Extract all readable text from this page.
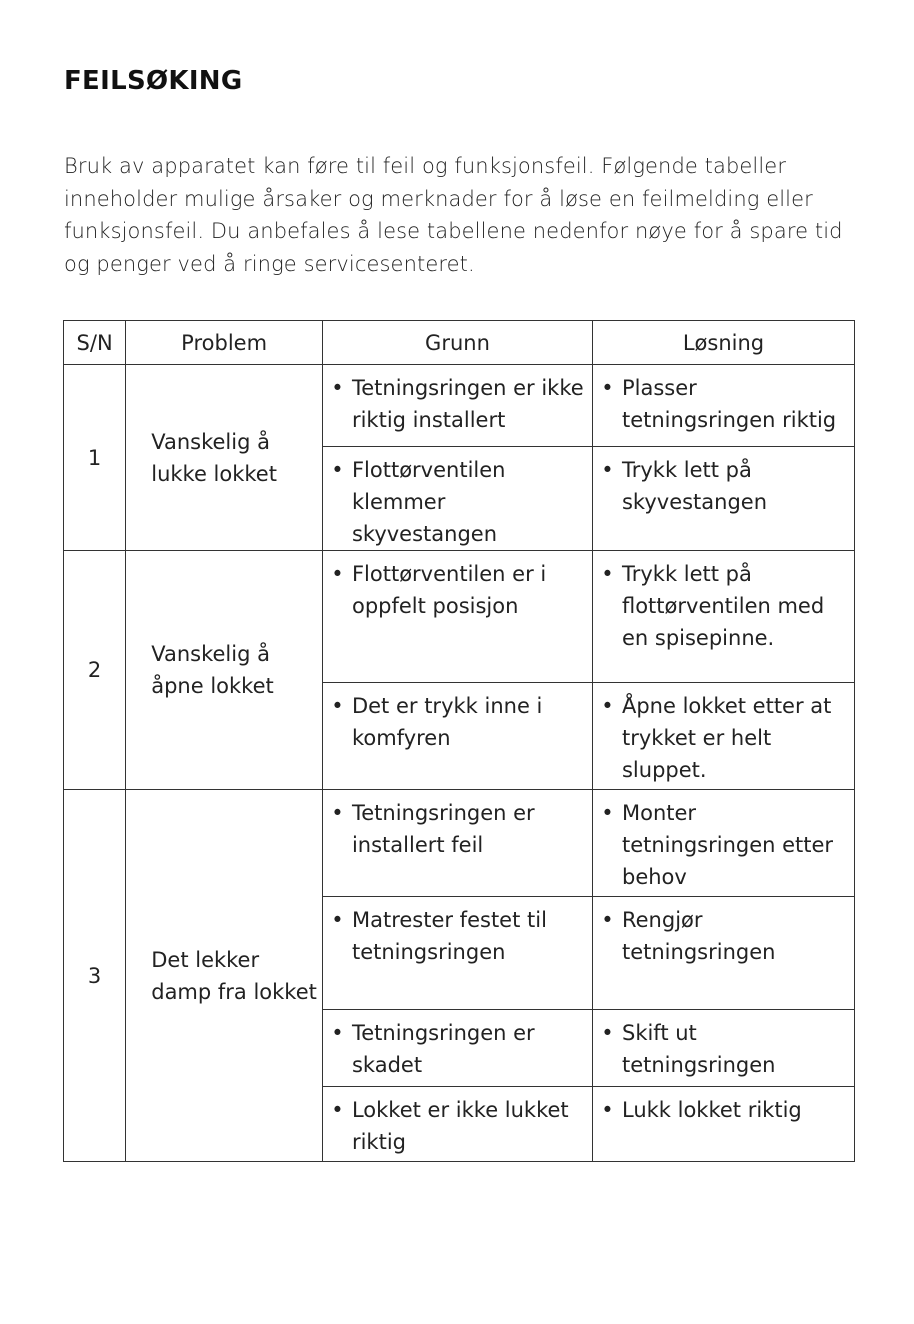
FEILSØKING
Bruk av apparatet kan føre til feil og funksjonsfeil. Følgende tabeller inneholder mulige årsaker og merknader for å løse en feilmelding eller funksjonsfeil. Du anbefales å lese tabellene nedenfor nøye for å spare tid og penger ved å ringe servicesenteret.
S/N	Problem	Grunn	Løsning
1	Vanskelig å lukke lokket	• Tetningsringen er ikke riktig installert	• Plasser tetningsringen riktig

		• Flottørventilen klemmer skyvestangen	• Trykk lett på skyvestangen

2	Vanskelig å åpne lokket	• Flottørventilen er i oppfelt posisjon	• Trykk lett på flottørventilen med en spisepinne.

		• Det er trykk inne i komfyren	• Åpne lokket etter at trykket er helt sluppet.

3	Det lekker damp fra lokket	• Tetningsringen er installert feil	• Monter tetningsringen etter behov

		• Matrester festet til tetningsringen	• Rengjør tetningsringen

		• Tetningsringen er skadet	• Skift ut tetningsringen

		• Lokket er ikke lukket riktig	• Lukk lokket riktig
